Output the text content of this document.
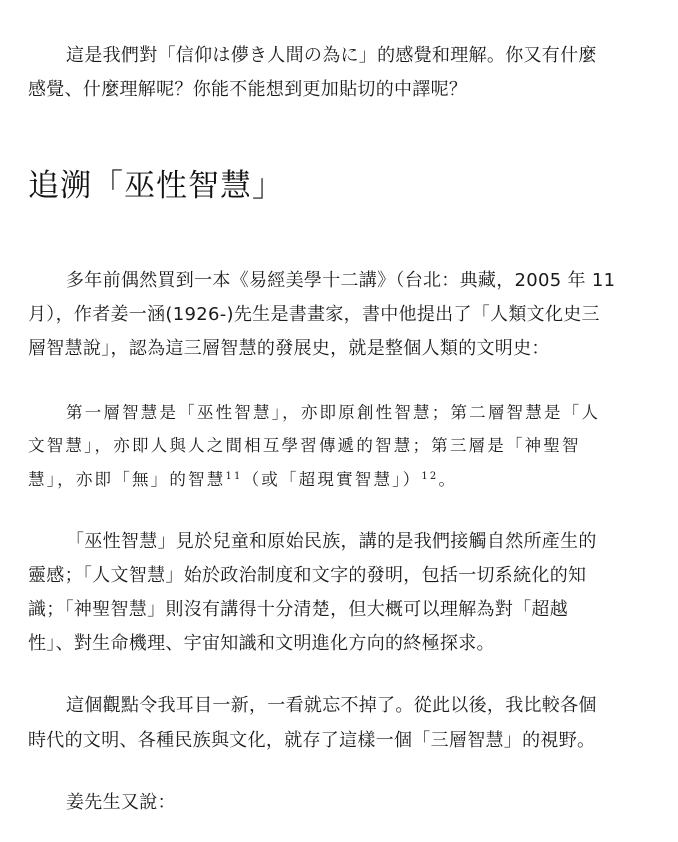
這是我們對「信仰は儚き人間の為に」的感覺和理解。你又有什麼
感覺、什麼理解呢？你能不能想到更加貼切的中譯呢？
追溯「巫性智慧」
多年前偶然買到一本《易經美學十二講》（台北：典藏，2005 年 11
月），作者姜一涵(1926-)先生是書畫家，書中他提出了「人類文化史三
層智慧說」，認為這三層智慧的發展史，就是整個人類的文明史：
第一層智慧是「巫性智慧」，亦即原創性智慧；第二層智慧是「人
文智慧」，亦即人與人之間相互學習傳遞的智慧；第三層是「神聖智
慧」，亦即「無」的智慧$^{11}$（或「超現實智慧」）$^{12}$。
「巫性智慧」見於兒童和原始民族，講的是我們接觸自然所產生的
靈感；「人文智慧」始於政治制度和文字的發明，包括一切系統化的知
識；「神聖智慧」則沒有講得十分清楚，但大概可以理解為對「超越
性」、對生命機理、宇宙知識和文明進化方向的終極探求。
這個觀點令我耳目一新，一看就忘不掉了。從此以後，我比較各個
時代的文明、各種民族與文化，就存了這樣一個「三層智慧」的視野。
姜先生又說：
